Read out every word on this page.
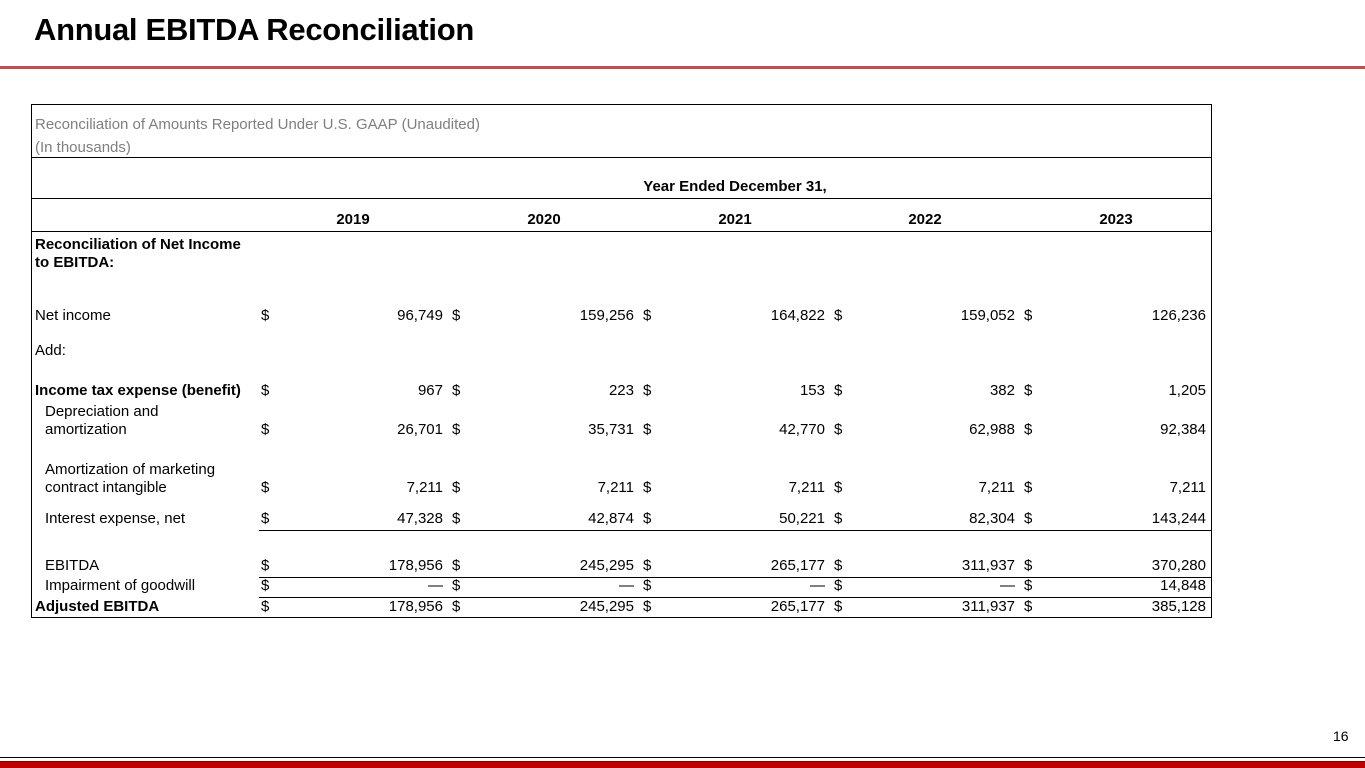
Annual EBITDA Reconciliation
Reconciliation of Amounts Reported Under U.S. GAAP (Unaudited)
(In thousands)
Year Ended December 31,
2019	2020	2021	2022	2023
Reconciliation of Net Income
to EBITDA:
Net income	$	96,749 $	159,256 $	164,822 $	159,052 $	126,236
Add:
Income tax expense (benefit) $	967 $	223 $	153 $	382 $	1,205
Depreciation and
amortization	$	26,701 $	35,731 $	42,770 $	62,988 $	92,384
Amortization of marketing
contract intangible	$	7,211 $	7,211 $	7,211 $	7,211 $	7,211
Interest expense, net	$	47,328 $	42,874 $	50,221 $	82,304 $	143,244
EBITDA	$	178,956 $	245,295 $	265,177 $	311,937 $	370,280
Impairment of goodwill	$	— $	— $	— $	— $	14,848
Adjusted EBITDA	$	178,956 $	245,295 $	265,177 $	311,937 $	385,128
16
